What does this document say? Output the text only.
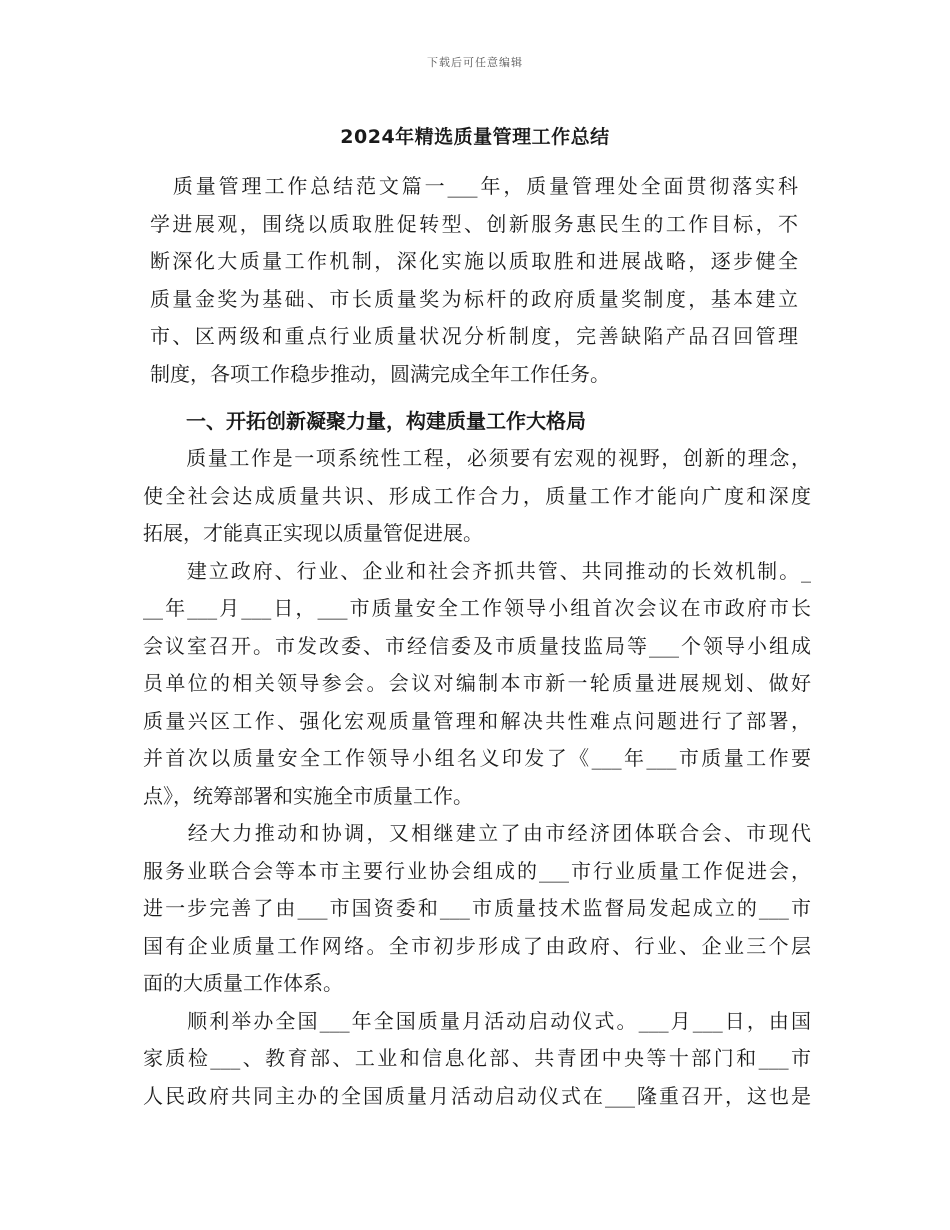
下载后可任意编辑
2024年精选质量管理工作总结
　质量管理工作总结范文篇一___年，质量管理处全面贯彻落实科
学进展观，围绕以质取胜促转型、创新服务惠民生的工作目标，不
断深化大质量工作机制，深化实施以质取胜和进展战略，逐步健全
质量金奖为基础、市长质量奖为标杆的政府质量奖制度，基本建立
市、区两级和重点行业质量状况分析制度，完善缺陷产品召回管理
制度，各项工作稳步推动，圆满完成全年工作任务。
一、开拓创新凝聚力量，构建质量工作大格局
　　质量工作是一项系统性工程，必须要有宏观的视野，创新的理念，
使全社会达成质量共识、形成工作合力，质量工作才能向广度和深度
拓展，才能真正实现以质量管促进展。
　　建立政府、行业、企业和社会齐抓共管、共同推动的长效机制。_
__年___月___日，___市质量安全工作领导小组首次会议在市政府市长
会议室召开。市发改委、市经信委及市质量技监局等___个领导小组成
员单位的相关领导参会。会议对编制本市新一轮质量进展规划、做好
质量兴区工作、强化宏观质量管理和解决共性难点问题进行了部署，
并首次以质量安全工作领导小组名义印发了《___年___市质量工作要
点》，统筹部署和实施全市质量工作。
　　经大力推动和协调，又相继建立了由市经济团体联合会、市现代
服务业联合会等本市主要行业协会组成的___市行业质量工作促进会，
进一步完善了由___市国资委和___市质量技术监督局发起成立的___市
国有企业质量工作网络。全市初步形成了由政府、行业、企业三个层
面的大质量工作体系。
　　顺利举办全国___年全国质量月活动启动仪式。___月___日，由国
家质检___、教育部、工业和信息化部、共青团中央等十部门和___市
人民政府共同主办的全国质量月活动启动仪式在___隆重召开，这也是
